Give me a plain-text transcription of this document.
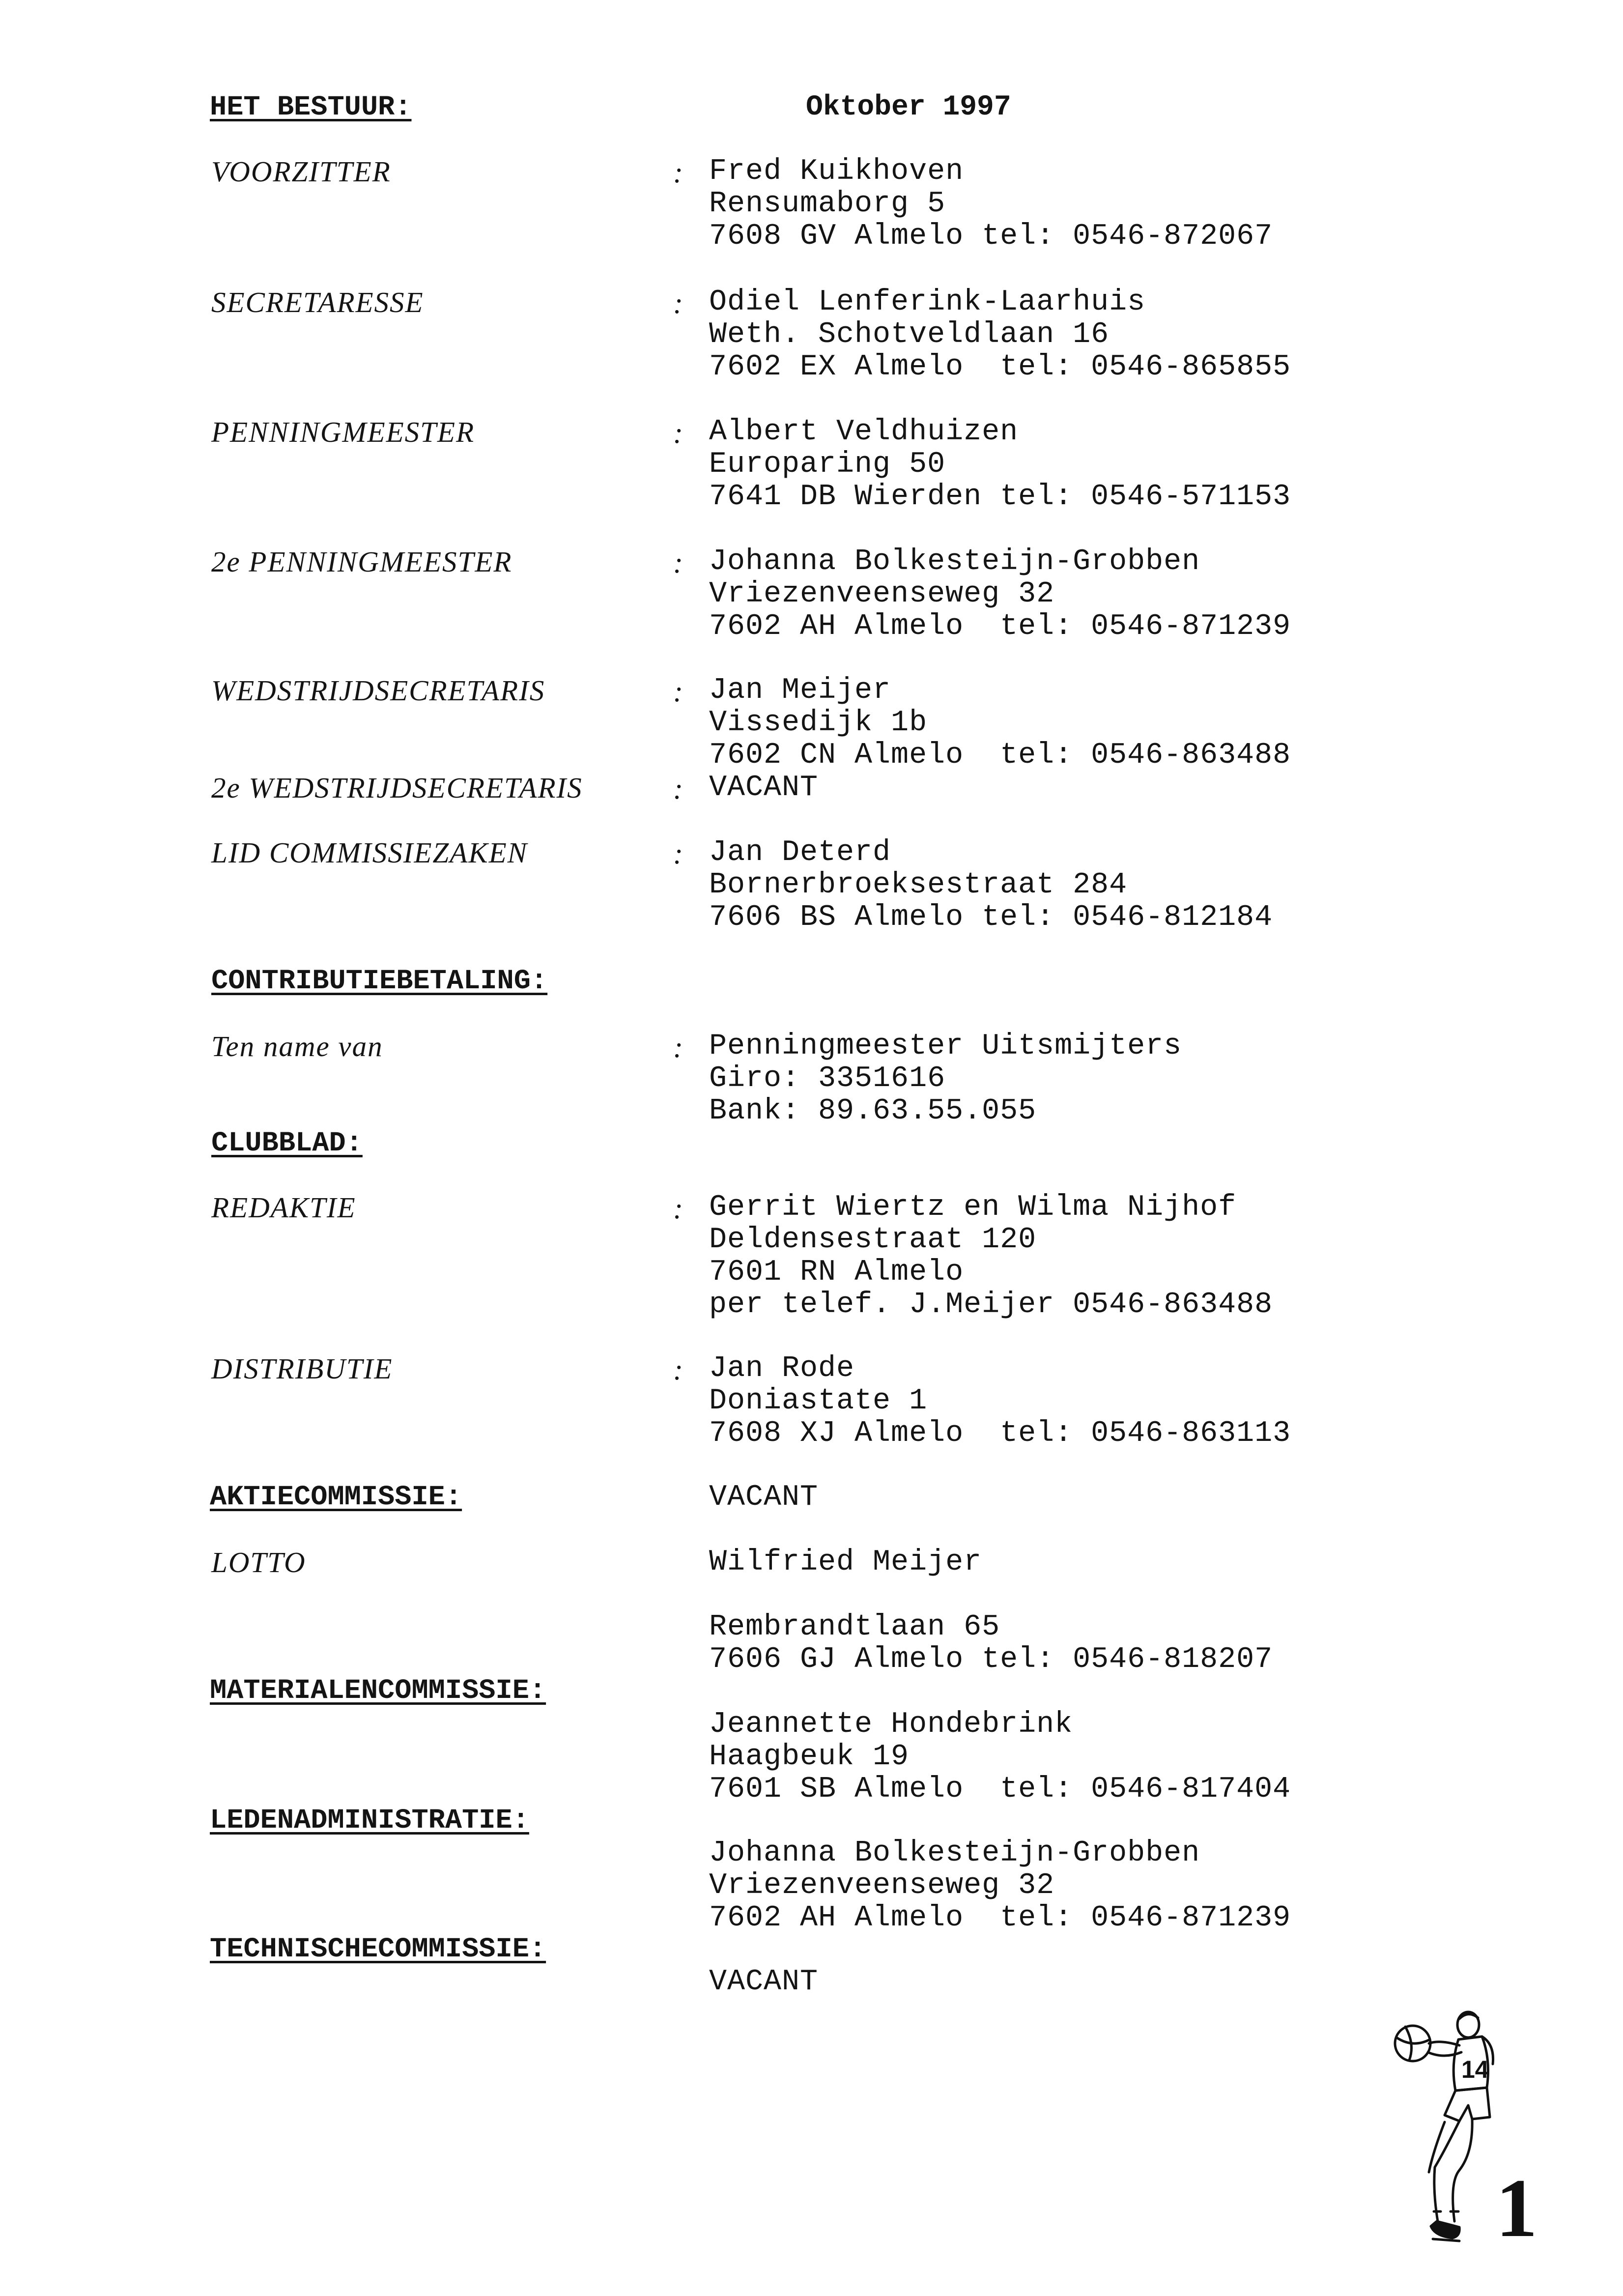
HET BESTUUR:	Oktober 1997
VOORZITTER	: Fred Kuikhoven
Rensumaborg 5
7608 GV Almelo tel: 0546-872067
SECRETARESSE	: Odiel Lenferink-Laarhuis
Weth. Schotveldlaan 16
7602 EX Almelo  tel: 0546-865855
PENNINGMEESTER	: Albert Veldhuizen
Europaring 50
7641 DB Wierden tel: 0546-571153
2e PENNINGMEESTER	: Johanna Bolkesteijn-Grobben
Vriezenveenseweg 32
7602 AH Almelo  tel: 0546-871239
WEDSTRIJDSECRETARIS	: Jan Meijer
Vissedijk 1b
7602 CN Almelo  tel: 0546-863488
2e WEDSTRIJDSECRETARIS	: VACANT
LID COMMISSIEZAKEN	: Jan Deterd
Bornerbroeksestraat 284
7606 BS Almelo tel: 0546-812184
CONTRIBUTIEBETALING:
Ten name van	: Penningmeester Uitsmijters
Giro: 3351616
Bank: 89.63.55.055
CLUBBLAD:
REDAKTIE	: Gerrit Wiertz en Wilma Nijhof
Deldensestraat 120
7601 RN Almelo
per telef. J.Meijer 0546-863488
DISTRIBUTIE	: Jan Rode
Doniastate 1
7608 XJ Almelo  tel: 0546-863113
AKTIECOMMISSIE:	VACANT
LOTTO	Wilfried Meijer
Rembrandtlaan 65
7606 GJ Almelo tel: 0546-818207
MATERIALENCOMMISSIE:
Jeannette Hondebrink
Haagbeuk 19
7601 SB Almelo  tel: 0546-817404
LEDENADMINISTRATIE:
Johanna Bolkesteijn-Grobben
Vriezenveenseweg 32
7602 AH Almelo  tel: 0546-871239
TECHNISCHECOMMISSIE:
VACANT
14
1
